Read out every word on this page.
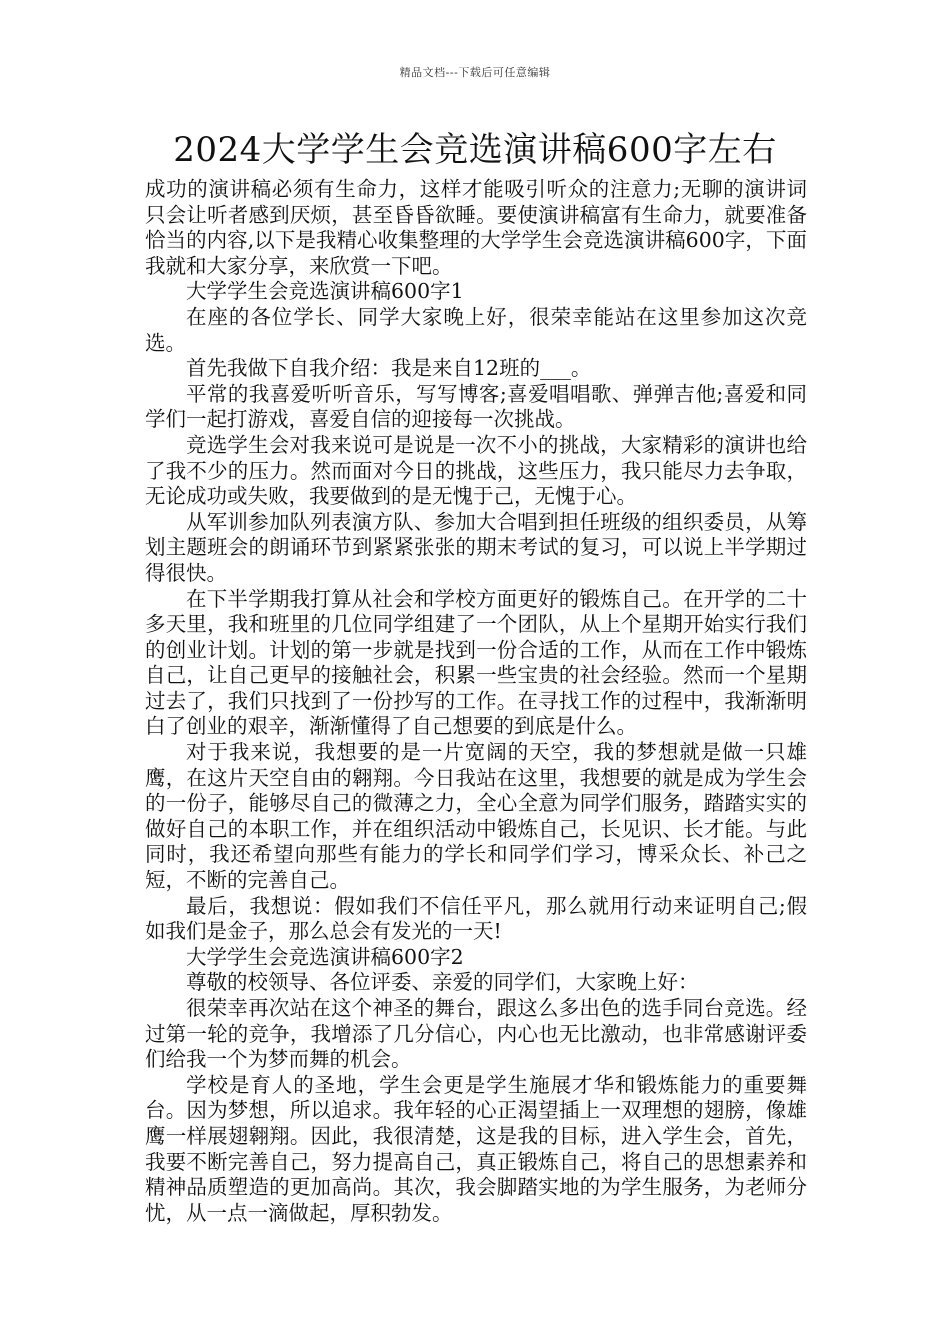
精品文档---下载后可任意编辑
2024大学学生会竞选演讲稿600字左右

成功的演讲稿必须有生命力，这样才能吸引听众的注意力;无聊的演讲词只会让听者感到厌烦，甚至昏昏欲睡。要使演讲稿富有生命力，就要准备恰当的内容,以下是我精心收集整理的大学学生会竞选演讲稿600字，下面我就和大家分享，来欣赏一下吧。

大学学生会竞选演讲稿600字1

在座的各位学长、同学大家晚上好，很荣幸能站在这里参加这次竞选。

首先我做下自我介绍：我是来自12班的___。

平常的我喜爱听听音乐，写写博客;喜爱唱唱歌、弹弹吉他;喜爱和同学们一起打游戏，喜爱自信的迎接每一次挑战。

竞选学生会对我来说可是说是一次不小的挑战，大家精彩的演讲也给了我不少的压力。然而面对今日的挑战，这些压力，我只能尽力去争取，无论成功或失败，我要做到的是无愧于己，无愧于心。

从军训参加队列表演方队、参加大合唱到担任班级的组织委员，从筹划主题班会的朗诵环节到紧紧张张的期末考试的复习，可以说上半学期过得很快。

在下半学期我打算从社会和学校方面更好的锻炼自己。在开学的二十多天里，我和班里的几位同学组建了一个团队，从上个星期开始实行我们的创业计划。计划的第一步就是找到一份合适的工作，从而在工作中锻炼自己，让自己更早的接触社会，积累一些宝贵的社会经验。然而一个星期过去了，我们只找到了一份抄写的工作。在寻找工作的过程中，我渐渐明白了创业的艰辛，渐渐懂得了自己想要的到底是什么。

对于我来说，我想要的是一片宽阔的天空，我的梦想就是做一只雄鹰，在这片天空自由的翱翔。今日我站在这里，我想要的就是成为学生会的一份子，能够尽自己的微薄之力，全心全意为同学们服务，踏踏实实的做好自己的本职工作，并在组织活动中锻炼自己，长见识、长才能。与此同时，我还希望向那些有能力的学长和同学们学习，博采众长、补己之短，不断的完善自己。

最后，我想说：假如我们不信任平凡，那么就用行动来证明自己;假如我们是金子，那么总会有发光的一天!

大学学生会竞选演讲稿600字2

尊敬的校领导、各位评委、亲爱的同学们，大家晚上好：

很荣幸再次站在这个神圣的舞台，跟这么多出色的选手同台竞选。经过第一轮的竞争，我增添了几分信心，内心也无比激动，也非常感谢评委们给我一个为梦而舞的机会。

学校是育人的圣地，学生会更是学生施展才华和锻炼能力的重要舞台。因为梦想，所以追求。我年轻的心正渴望插上一双理想的翅膀，像雄鹰一样展翅翱翔。因此，我很清楚，这是我的目标，进入学生会，首先，我要不断完善自己，努力提高自己，真正锻炼自己，将自己的思想素养和精神品质塑造的更加高尚。其次，我会脚踏实地的为学生服务，为老师分忧，从一点一滴做起，厚积勃发。
